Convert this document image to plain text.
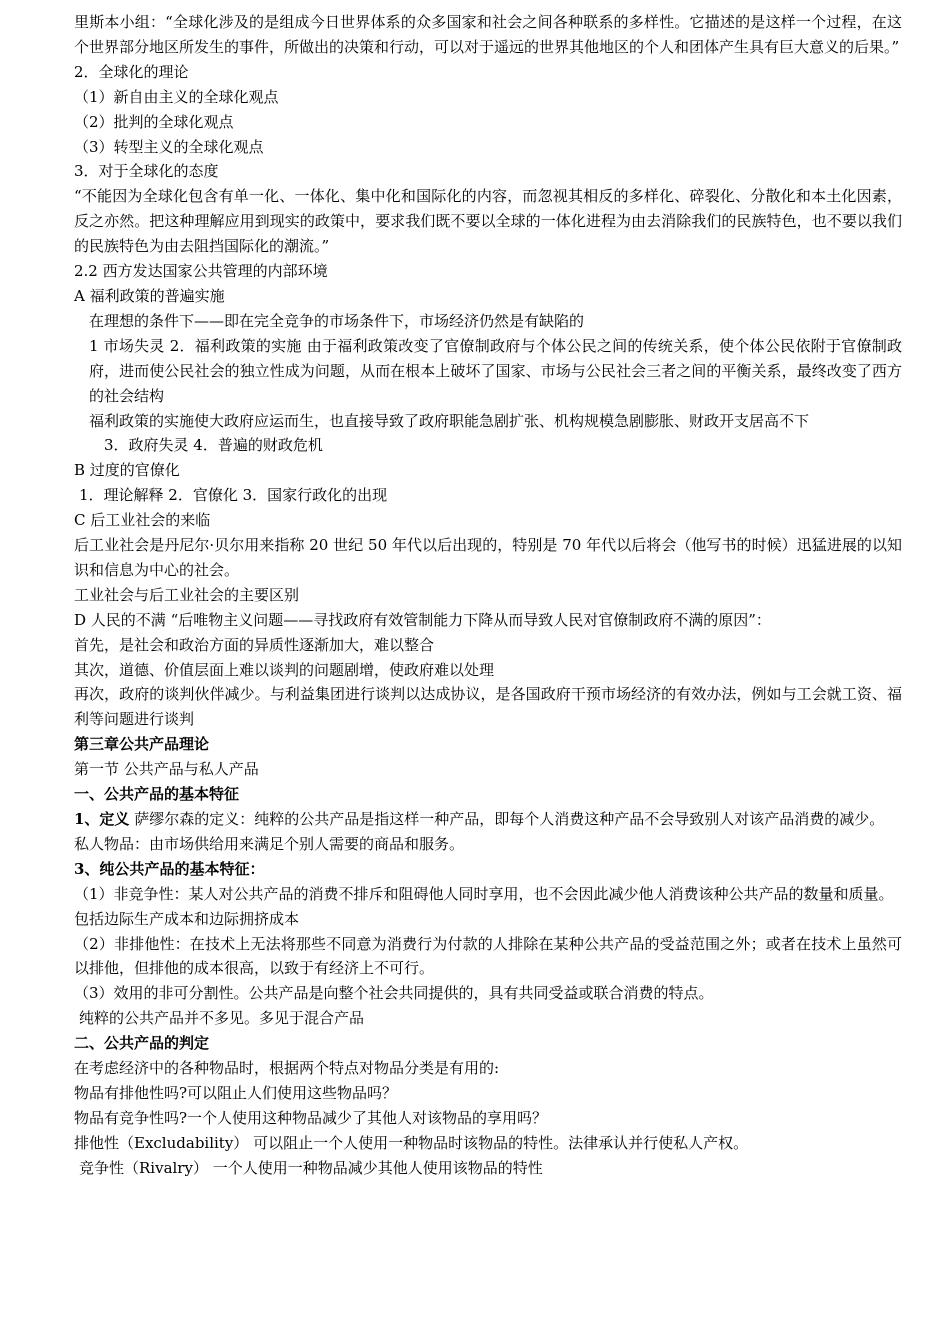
里斯本小组：“全球化涉及的是组成今日世界体系的众多国家和社会之间各种联系的多样性。它描述的是这样一个过程，在这个世界部分地区所发生的事件，所做出的决策和行动，可以对于遥远的世界其他地区的个人和团体产生具有巨大意义的后果。”

2．全球化的理论

（1）新自由主义的全球化观点

（2）批判的全球化观点

（3）转型主义的全球化观点

3．对于全球化的态度

“不能因为全球化包含有单一化、一体化、集中化和国际化的内容，而忽视其相反的多样化、碎裂化、分散化和本土化因素，反之亦然。把这种理解应用到现实的政策中，要求我们既不要以全球的一体化进程为由去消除我们的民族特色，也不要以我们的民族特色为由去阻挡国际化的潮流。”

2.2 西方发达国家公共管理的内部环境

A 福利政策的普遍实施

在理想的条件下——即在完全竞争的市场条件下，市场经济仍然是有缺陷的

1 市场失灵 2．福利政策的实施 由于福利政策改变了官僚制政府与个体公民之间的传统关系，使个体公民依附于官僚制政府，进而使公民社会的独立性成为问题，从而在根本上破坏了国家、市场与公民社会三者之间的平衡关系，最终改变了西方的社会结构

福利政策的实施使大政府应运而生，也直接导致了政府职能急剧扩张、机构规模急剧膨胀、财政开支居高不下

3．政府失灵 4．普遍的财政危机

B 过度的官僚化

1．理论解释 2．官僚化 3．国家行政化的出现

C 后工业社会的来临

后工业社会是丹尼尔·贝尔用来指称 20 世纪 50 年代以后出现的，特别是 70 年代以后将会（他写书的时候）迅猛进展的以知识和信息为中心的社会。

工业社会与后工业社会的主要区别

D 人民的不满 “后唯物主义问题——寻找政府有效管制能力下降从而导致人民对官僚制政府不满的原因”：

首先，是社会和政治方面的异质性逐渐加大，难以整合

其次，道德、价值层面上难以谈判的问题剧增，使政府难以处理

再次，政府的谈判伙伴减少。与利益集团进行谈判以达成协议，是各国政府干预市场经济的有效办法，例如与工会就工资、福利等问题进行谈判

第三章公共产品理论

第一节 公共产品与私人产品

一、公共产品的基本特征

1、定义 萨缪尔森的定义：纯粹的公共产品是指这样一种产品，即每个人消费这种产品不会导致别人对该产品消费的减少。

私人物品：由市场供给用来满足个别人需要的商品和服务。

3、纯公共产品的基本特征：

（1）非竞争性：某人对公共产品的消费不排斥和阻碍他人同时享用，也不会因此减少他人消费该种公共产品的数量和质量。

包括边际生产成本和边际拥挤成本

（2）非排他性：在技术上无法将那些不同意为消费行为付款的人排除在某种公共产品的受益范围之外；或者在技术上虽然可以排他，但排他的成本很高，以致于有经济上不可行。

（3）效用的非可分割性。公共产品是向整个社会共同提供的，具有共同受益或联合消费的特点。

纯粹的公共产品并不多见。多见于混合产品

二、公共产品的判定

在考虑经济中的各种物品时，根据两个特点对物品分类是有用的:

物品有排他性吗?可以阻止人们使用这些物品吗？

物品有竞争性吗?一个人使用这种物品减少了其他人对该物品的享用吗？

排他性（Excludability） 可以阻止一个人使用一种物品时该物品的特性。法律承认并行使私人产权。

竞争性（Rivalry） 一个人使用一种物品减少其他人使用该物品的特性
